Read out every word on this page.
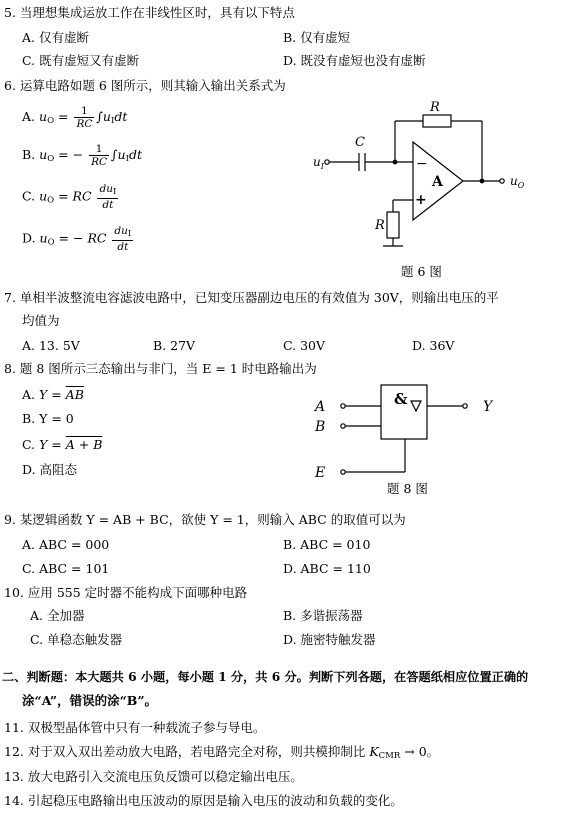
5. 当理想集成运放工作在非线性区时，具有以下特点
A. 仅有虚断	B. 仅有虚短
C. 既有虚短又有虚断	D. 既没有虚短也没有虚断
6. 运算电路如题 6 图所示，则其输入输出关系式为
A. $u_O = \frac{1}{RC} \int u_Idt$
B. $u_O$ = − $\frac{1}{RC} \int u_Idt$
C. $u_O$ = RC $\frac{du_I}{dt}$
D. $u_O$ = − RC $\frac{du_I}{dt}$
R
C
$u_I$	−
+
A	$u_O$
R
题 6 图
7. 单相半波整流电容滤波电路中，已知变压器副边电压的有效值为 30V，则输出电压的平
均值为
A. 13. 5V	B. 27V	C. 30V	D. 36V
8. 题 8 图所示三态输出与非门，当 E = 1 时电路输出为
A. $Y = \overline{AB}$
B. Y = 0
C. Y = A + B
D. 高阻态
&
A
B
E
Y
题 8 图
9. 某逻辑函数 Y = AB + BC，欲使 Y = 1，则输入 ABC 的取值可以为
A. ABC = 000	B. ABC = 010
C. ABC = 101	D. ABC = 110
10. 应用 555 定时器不能构成下面哪种电路
A. 全加器	B. 多谐振荡器
C. 单稳态触发器	D. 施密特触发器
二、判断题：本大题共 6 小题，每小题 1 分，共 6 分。判断下列各题，在答题纸相应位置正确的
涂“A”，错误的涂“B”。
11. 双极型晶体管中只有一种载流子参与导电。
12. 对于双入双出差动放大电路，若电路完全对称，则共模抑制比 $K_{CMR} \to 0$。
13. 放大电路引入交流电压负反馈可以稳定输出电压。
14. 引起稳压电路输出电压波动的原因是输入电压的波动和负载的变化。
